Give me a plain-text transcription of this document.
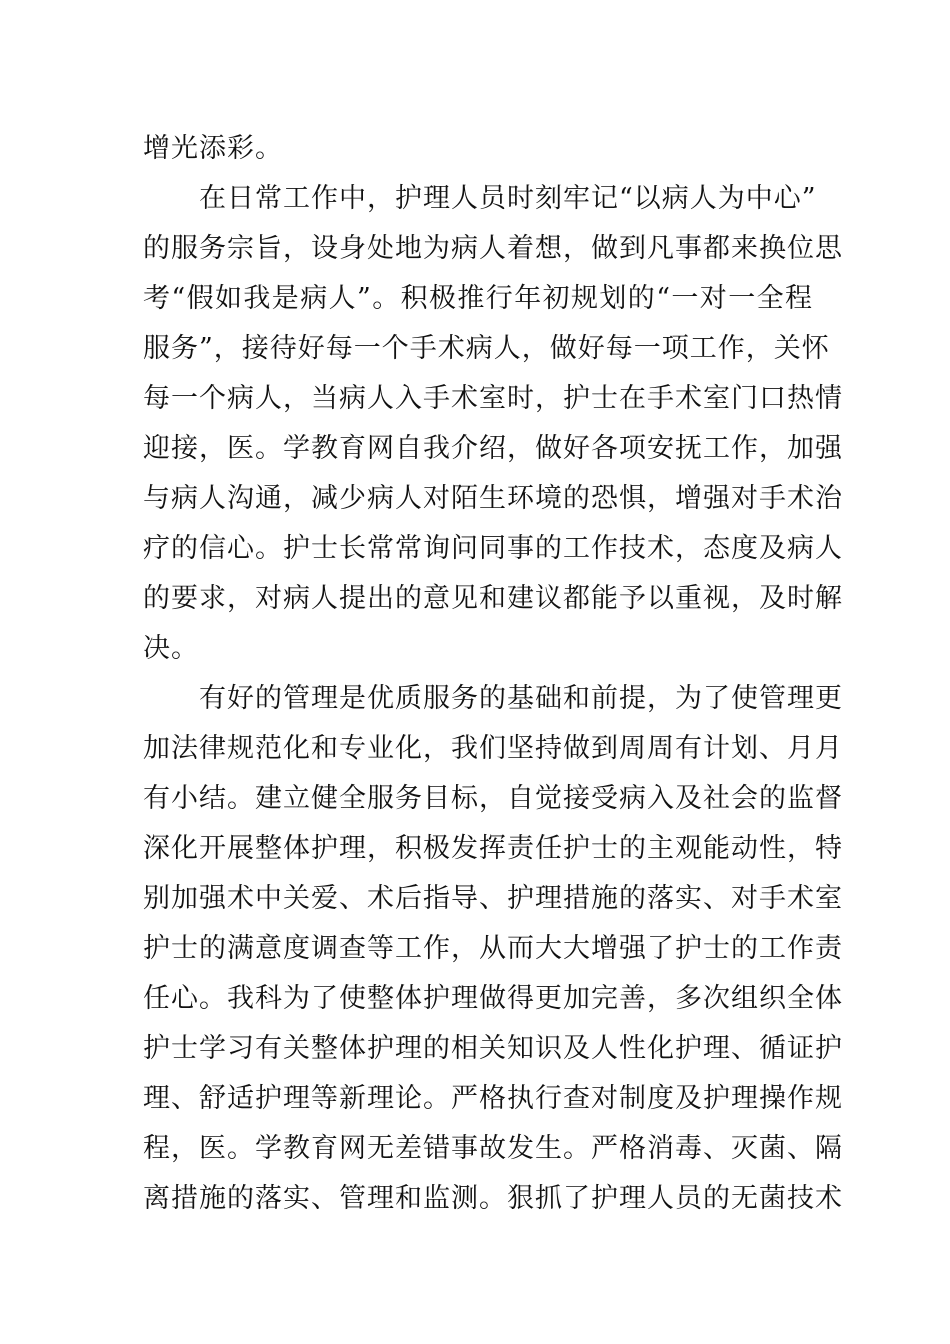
增光添彩。
在日常工作中，护理人员时刻牢记“以病人为中心”
的服务宗旨，设身处地为病人着想，做到凡事都来换位思
考“假如我是病人”。积极推行年初规划的“一对一全程
服务”，接待好每一个手术病人，做好每一项工作，关怀
每一个病人，当病人入手术室时，护士在手术室门口热情
迎接，医。学教育网自我介绍，做好各项安抚工作，加强
与病人沟通，减少病人对陌生环境的恐惧，增强对手术治
疗的信心。护士长常常询问同事的工作技术，态度及病人
的要求，对病人提出的意见和建议都能予以重视，及时解
决。
有好的管理是优质服务的基础和前提，为了使管理更
加法律规范化和专业化，我们坚持做到周周有计划、月月
有小结。建立健全服务目标，自觉接受病入及社会的监督
深化开展整体护理，积极发挥责任护士的主观能动性，特
别加强术中关爱、术后指导、护理措施的落实、对手术室
护士的满意度调查等工作，从而大大增强了护士的工作责
任心。我科为了使整体护理做得更加完善，多次组织全体
护士学习有关整体护理的相关知识及人性化护理、循证护
理、舒适护理等新理论。严格执行查对制度及护理操作规
程，医。学教育网无差错事故发生。严格消毒、灭菌、隔
离措施的落实、管理和监测。狠抓了护理人员的无菌技术
